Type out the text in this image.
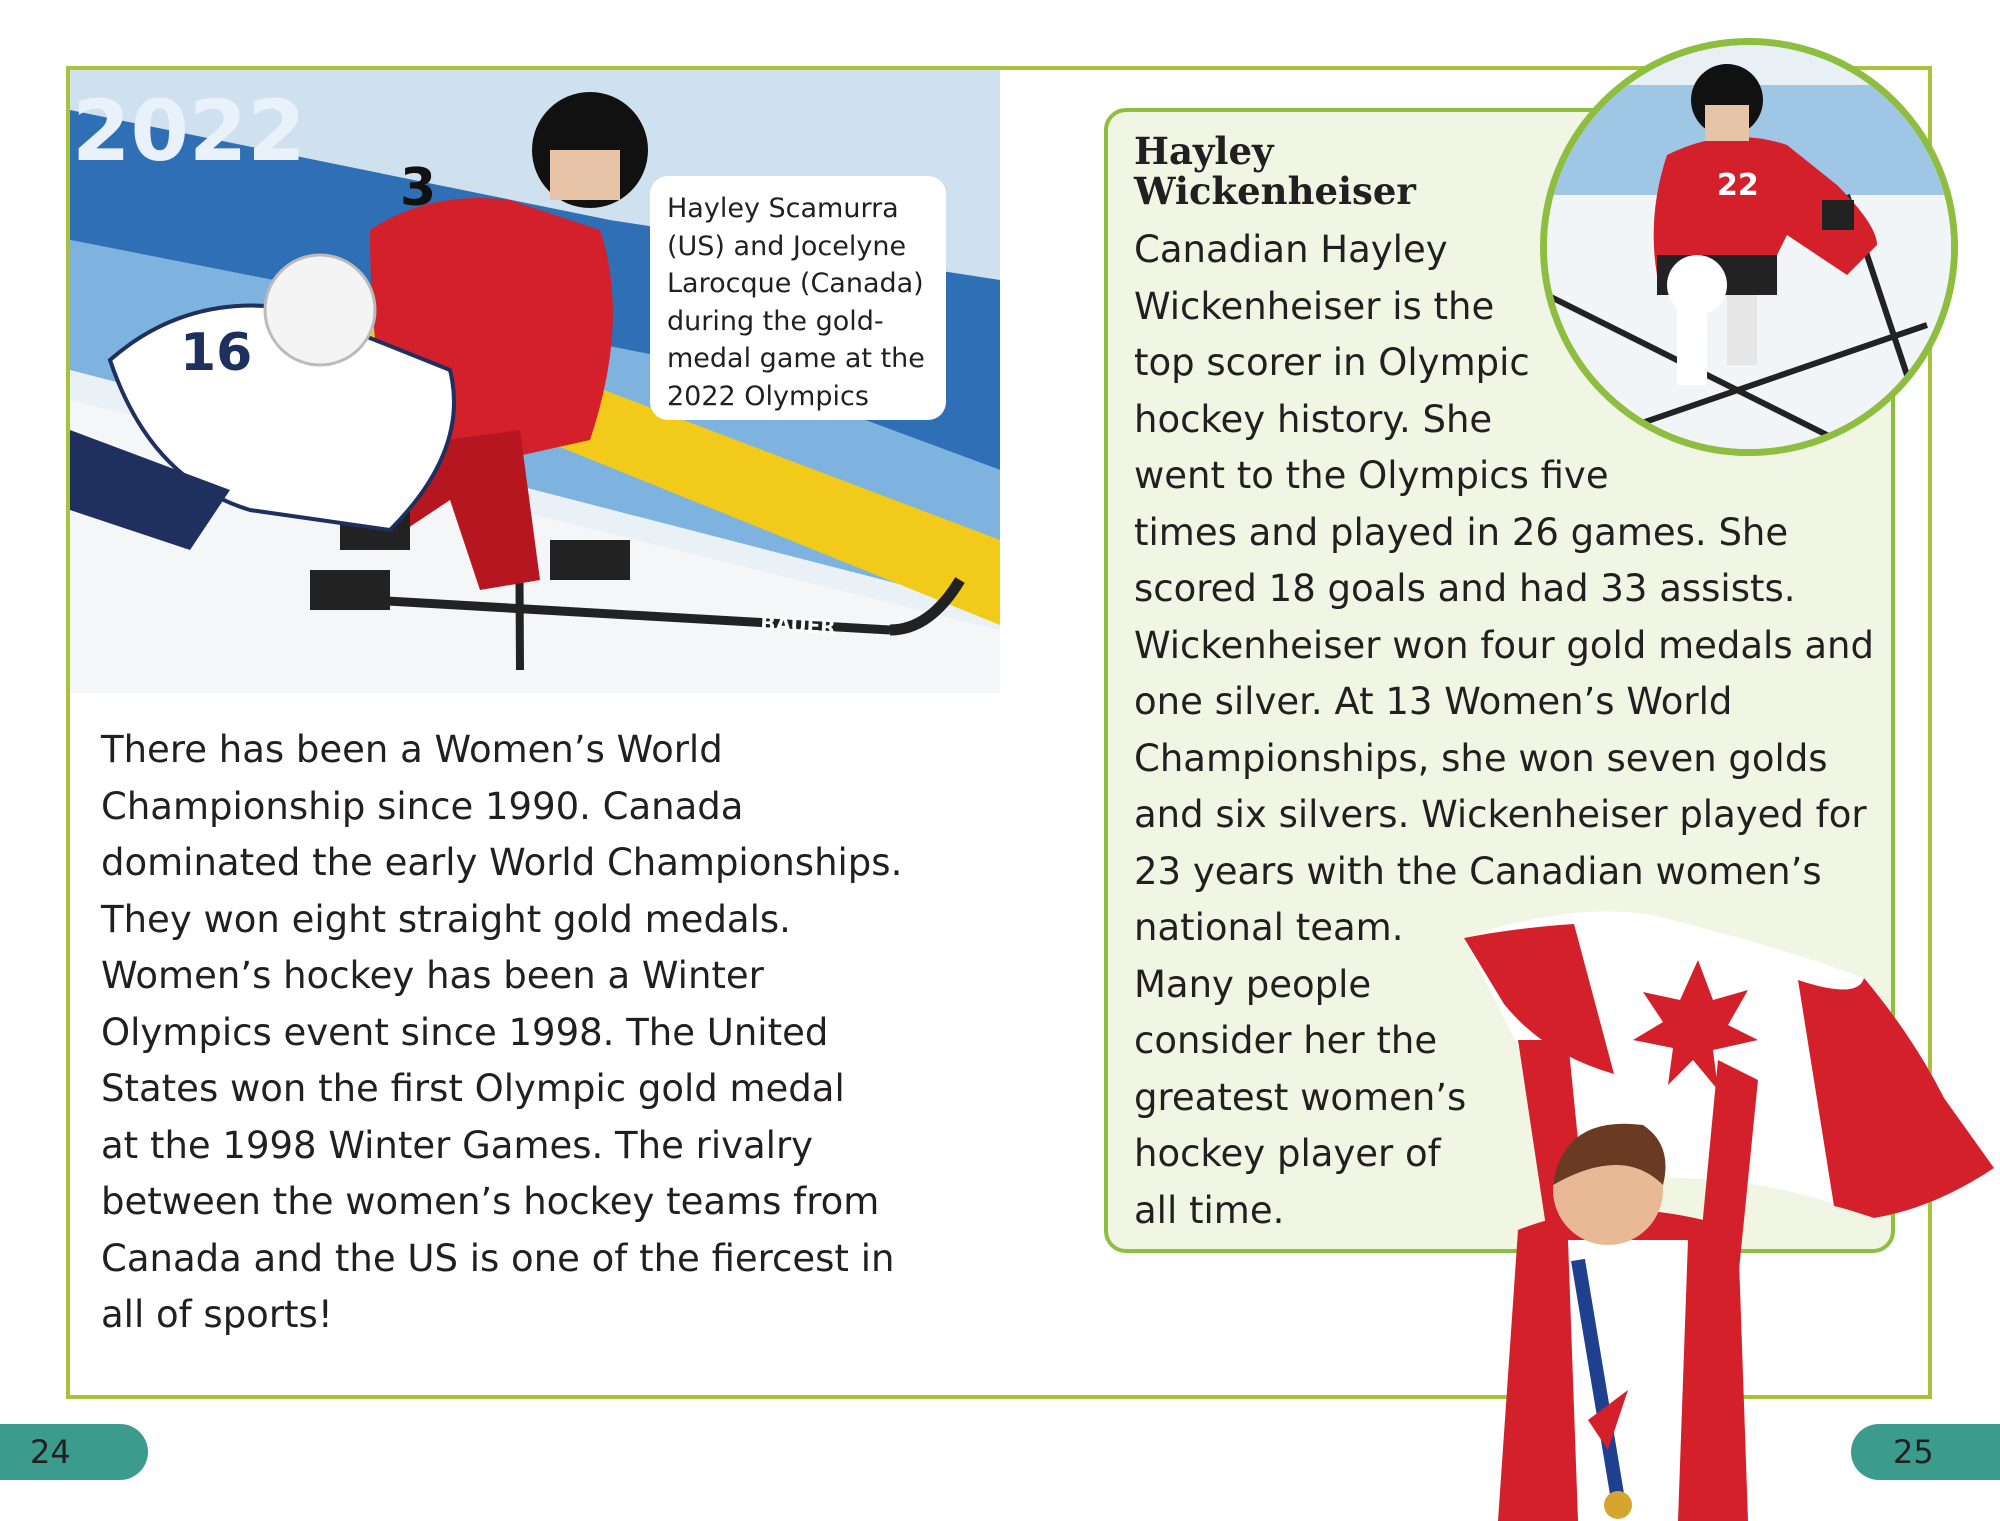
2022
3
16
BAUER
Hayley Scamurra
(US) and Jocelyne
Larocque (Canada)
during the gold-
medal game at the
2022 Olympics
There has been a Women’s World
Championship since 1990. Canada
dominated the early World Championships.
They won eight straight gold medals.
Women’s hockey has been a Winter
Olympics event since 1998. The United
States won the first Olympic gold medal
at the 1998 Winter Games. The rivalry
between the women’s hockey teams from
Canada and the US is one of the fiercest in
all of sports!
Hayley
Wickenheiser
Canadian Hayley
Wickenheiser is the
top scorer in Olympic
hockey history. She
went to the Olympics five
times and played in 26 games. She
scored 18 goals and had 33 assists.
Wickenheiser won four gold medals and
one silver. At 13 Women’s World
Championships, she won seven golds
and six silvers. Wickenheiser played for
23 years with the Canadian women’s
national team.
Many people
consider her the
greatest women’s
hockey player of
all time.
22
24	25
